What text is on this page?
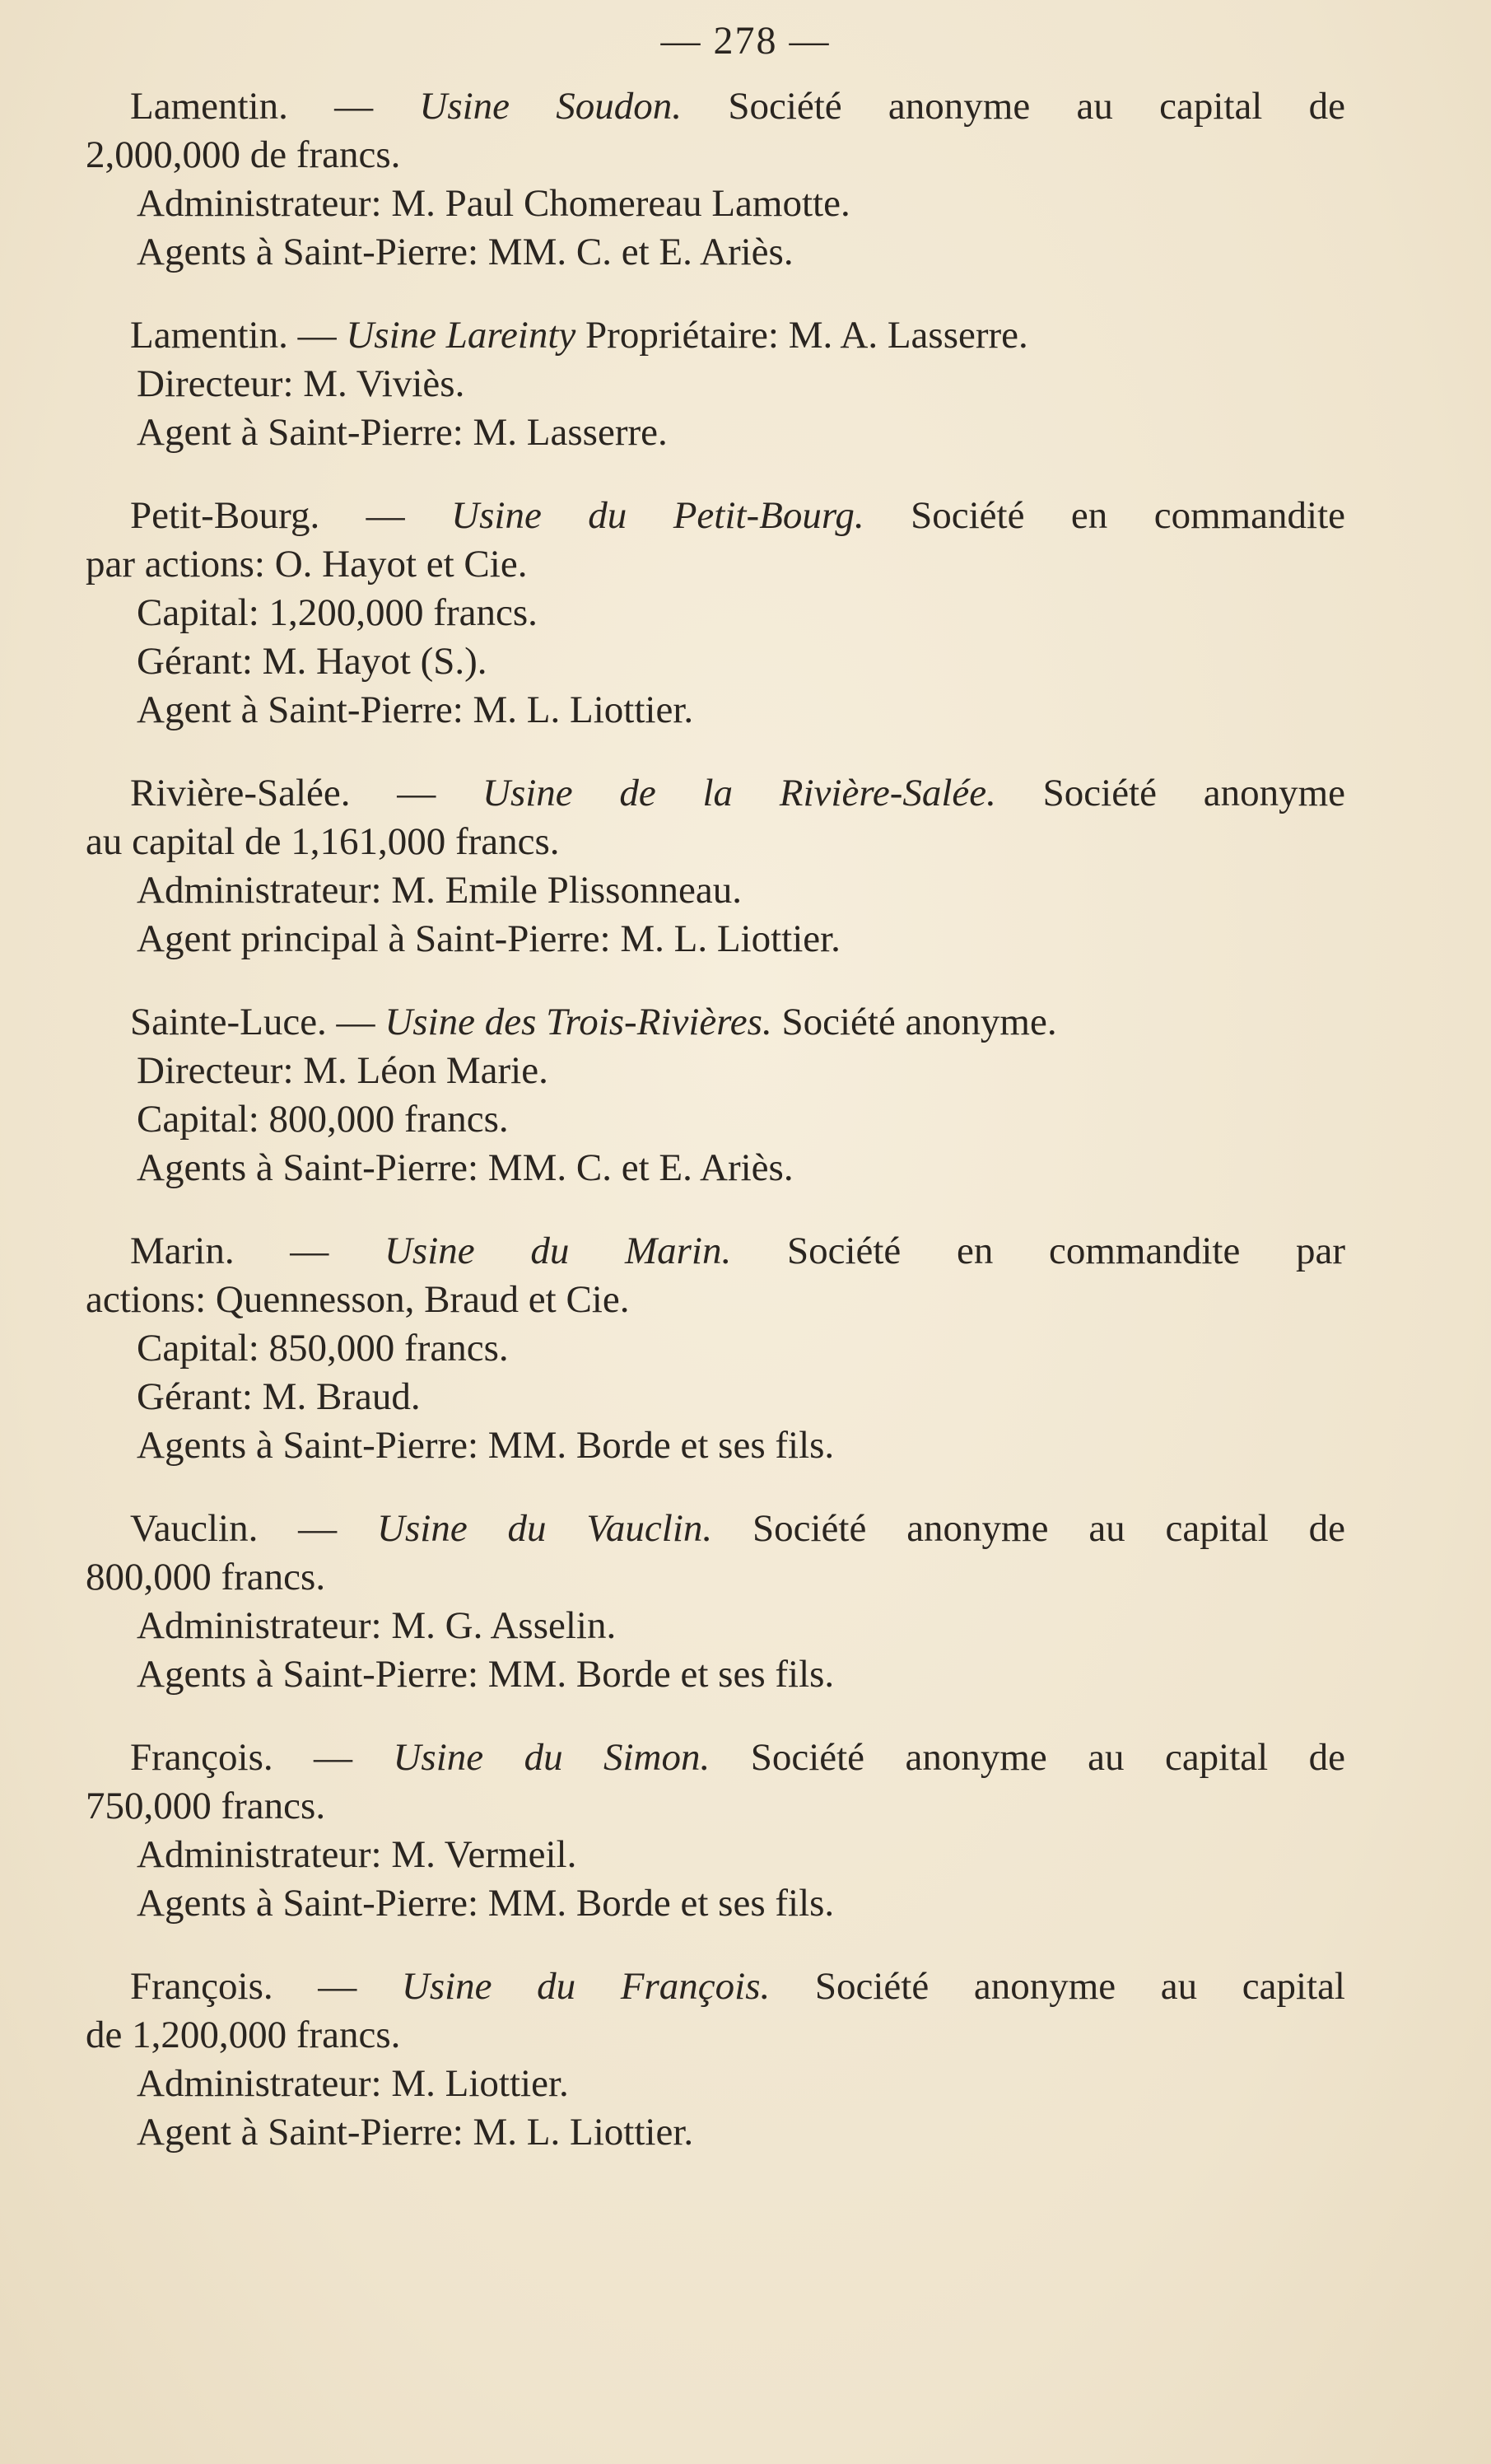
— 278 —
Lamentin. — Usine Soudon. Société anonyme au capital de
2,000,000 de francs.
Administrateur: M. Paul Chomereau Lamotte.
Agents à Saint-Pierre: MM. C. et E. Ariès.
Lamentin. — Usine Lareinty Propriétaire: M. A. Lasserre.
Directeur: M. Viviès.
Agent à Saint-Pierre: M. Lasserre.
Petit-Bourg. — Usine du Petit-Bourg. Société en commandite
par actions: O. Hayot et Cie.
Capital: 1,200,000 francs.
Gérant: M. Hayot (S.).
Agent à Saint-Pierre: M. L. Liottier.
Rivière-Salée. — Usine de la Rivière-Salée. Société anonyme
au capital de 1,161,000 francs.
Administrateur: M. Emile Plissonneau.
Agent principal à Saint-Pierre: M. L. Liottier.
Sainte-Luce. — Usine des Trois-Rivières. Société anonyme.
Directeur: M. Léon Marie.
Capital: 800,000 francs.
Agents à Saint-Pierre: MM. C. et E. Ariès.
Marin. — Usine du Marin. Société en commandite par
actions: Quennesson, Braud et Cie.
Capital: 850,000 francs.
Gérant: M. Braud.
Agents à Saint-Pierre: MM. Borde et ses fils.
Vauclin. — Usine du Vauclin. Société anonyme au capital de
800,000 francs.
Administrateur: M. G. Asselin.
Agents à Saint-Pierre: MM. Borde et ses fils.
François. — Usine du Simon. Société anonyme au capital de
750,000 francs.
Administrateur: M. Vermeil.
Agents à Saint-Pierre: MM. Borde et ses fils.
François. — Usine du François. Société anonyme au capital
de 1,200,000 francs.
Administrateur: M. Liottier.
Agent à Saint-Pierre: M. L. Liottier.
